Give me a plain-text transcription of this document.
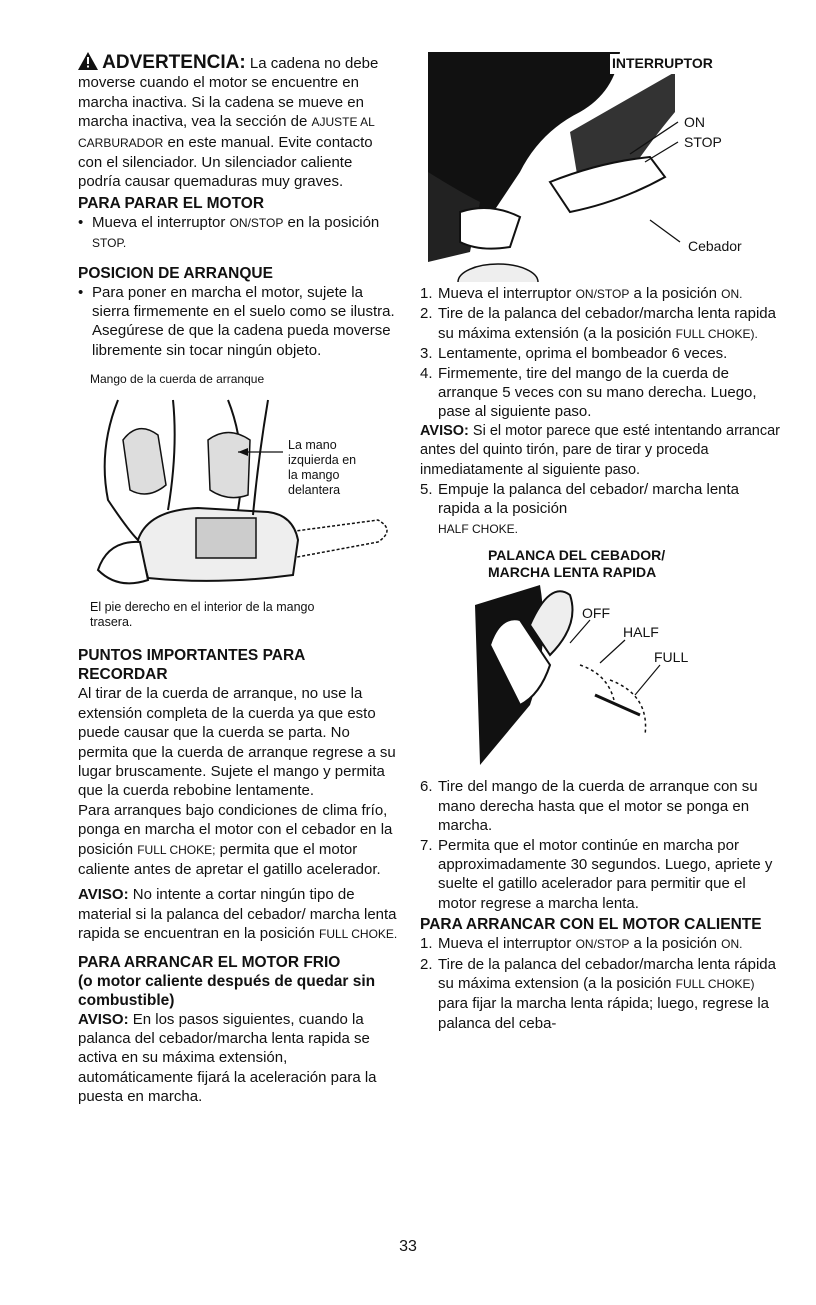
ADVERTENCIA: La cadena no debe moverse cuando el motor se encuentre en marcha inactiva. Si la cadena se mueve en marcha inactiva, vea la sección de AJUSTE AL CARBURADOR en este manual. Evite contacto con el silenciador. Un silenciador caliente podría causar quemaduras muy graves.

PARA PARAR EL MOTOR

• Mueva el interruptor ON/STOP en la posición STOP.

POSICION DE ARRANQUE

• Para poner en marcha el motor, sujete la sierra firmemente en el suelo como se ilustra. Asegúrese de que la cadena pueda moverse libremente sin tocar ningún objeto.
Mango de la cuerda de arranque
La mano izquierda en la mango delantera
El pie derecho en el interior de la mango trasera.

PUNTOS IMPORTANTES PARA RECORDAR

Al tirar de la cuerda de arranque, no use la extensión completa de la cuerda ya que esto puede causar que la cuerda se parta. No permita que la cuerda de arranque regrese a su lugar bruscamente. Sujete el mango y permita que la cuerda rebobine lentamente.

Para arranques bajo condiciones de clima frío, ponga en marcha el motor con el cebador en la posición FULL CHOKE; permita que el motor caliente antes de apretar el gatillo acelerador.

AVISO: No intente a cortar ningún tipo de material si la palanca del cebador/ marcha lenta rapida se encuentran en la posición FULL CHOKE.

PARA ARRANCAR EL MOTOR FRIO

(o motor caliente después de quedar sin combustible)

AVISO: En los pasos siguientes, cuando la palanca del cebador/marcha lenta rapida se activa en su máxima extensión, automáticamente fijará la aceleración para la puesta en marcha.

INTERRUPTOR
ON
STOP
Cebador
1. Mueva el interruptor ON/STOP a la posición ON.
2. Tire de la palanca del cebador/marcha lenta rapida su máxima extensión (a la posición FULL CHOKE).
3. Lentamente, oprima el bombeador 6 veces.
4. Firmemente, tire del mango de la cuerda de arranque 5 veces con su mano derecha. Luego, pase al siguiente paso.

AVISO: Si el motor parece que esté intentando arrancar antes del quinto tirón, pare de tirar y proceda inmediatamente al siguiente paso.

5. Empuje la palanca del cebador/ marcha lenta rapida a la posición
HALF CHOKE.
PALANCA DEL CEBADOR/
MARCHA LENTA RAPIDA
OFF
HALF
FULL
6. Tire del mango de la cuerda de arranque con su mano derecha hasta que el motor se ponga en marcha.
7. Permita que el motor continúe en marcha por approximadamente 30 segundos. Luego, apriete y suelte el gatillo acelerador para permitir que el motor regrese a marcha lenta.

PARA ARRANCAR CON EL MOTOR CALIENTE

1. Mueva el interruptor ON/STOP a la posición ON.
2. Tire de la palanca del cebador/marcha lenta rápida su máxima extension (a la posición FULL CHOKE) para fijar la marcha lenta rápida; luego, regrese la palanca del ceba-
33
